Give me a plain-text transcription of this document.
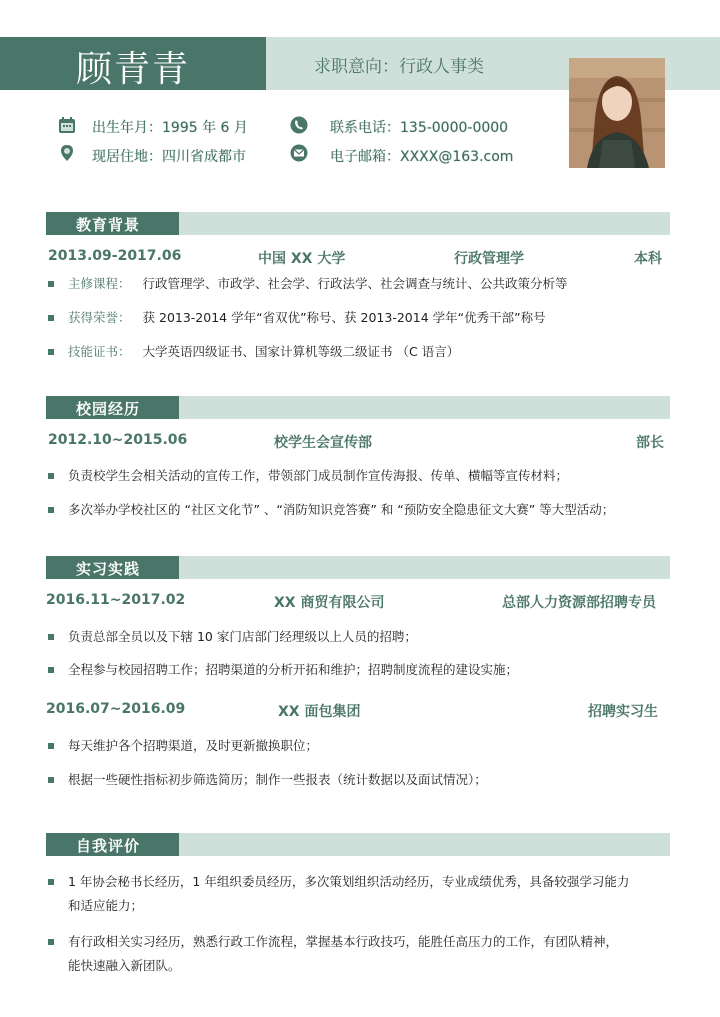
顾青青	求职意向：行政人事类
出生年月：1995 年 6 月	联系电话：135-0000-0000
现居住地：四川省成都市	电子邮箱：XXXX@163.com
教育背景
2013.09-2017.06	中国 XX 大学	行政管理学	本科
主修课程： 行政管理学、市政学、社会学、行政法学、社会调查与统计、公共政策分析等
获得荣誉： 获 2013-2014 学年“省双优”称号、获 2013-2014 学年“优秀干部”称号
技能证书： 大学英语四级证书、国家计算机等级二级证书 （C 语言）
校园经历
2012.10~2015.06	校学生会宣传部	部长
负责校学生会相关活动的宣传工作，带领部门成员制作宣传海报、传单、横幅等宣传材料；
多次举办学校社区的 “社区文化节” 、“消防知识竞答赛” 和 “预防安全隐患征文大赛” 等大型活动；
实习实践
2016.11~2017.02	XX 商贸有限公司	总部人力资源部招聘专员
负责总部全员以及下辖 10 家门店部门经理级以上人员的招聘；
全程参与校园招聘工作；招聘渠道的分析开拓和维护；招聘制度流程的建设实施；
2016.07~2016.09	XX 面包集团	招聘实习生
每天维护各个招聘渠道，及时更新撤换职位；
根据一些硬性指标初步筛选简历；制作一些报表（统计数据以及面试情况）；
自我评价
1 年协会秘书长经历，1 年组织委员经历，多次策划组织活动经历，专业成绩优秀，具备较强学习能力
和适应能力；
有行政相关实习经历，熟悉行政工作流程，掌握基本行政技巧，能胜任高压力的工作，有团队精神，
能快速融入新团队。
